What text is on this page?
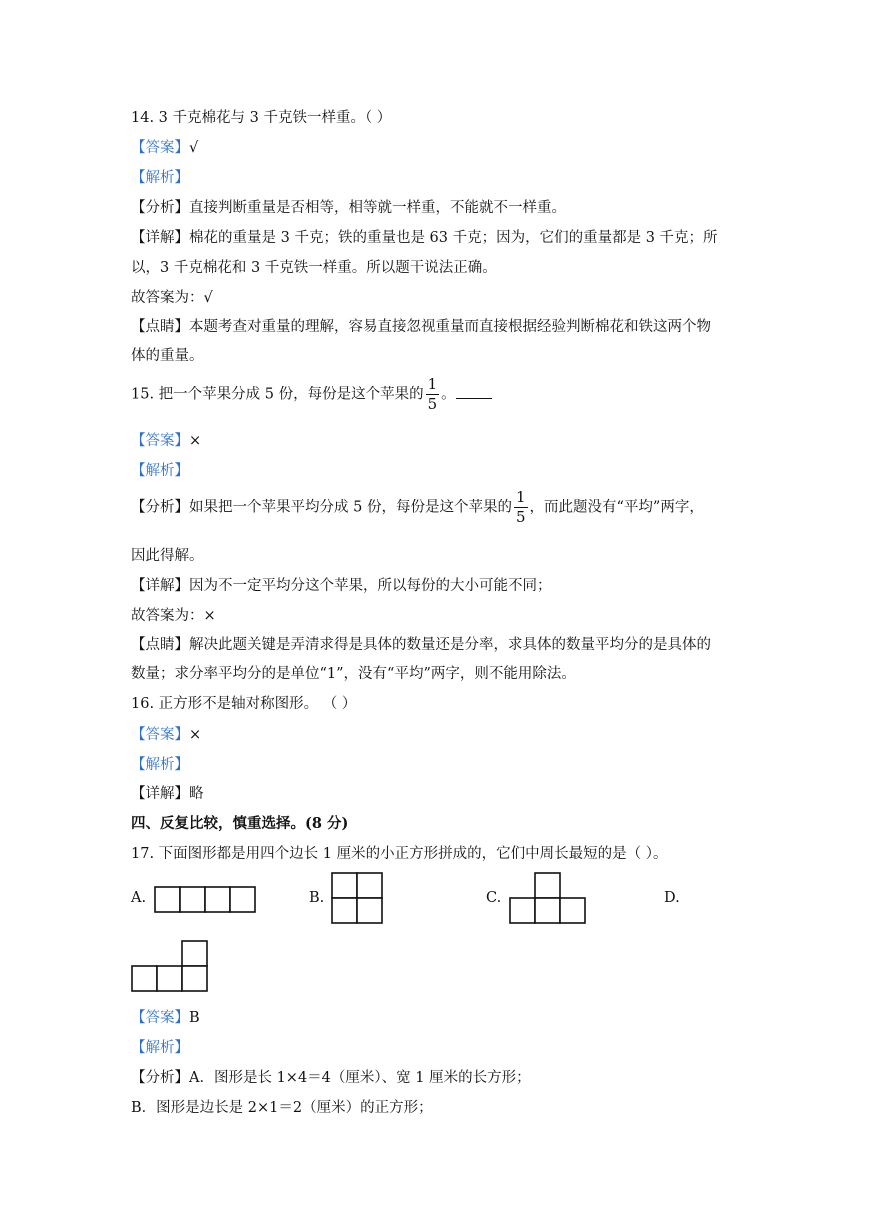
14. 3 千克棉花与 3 千克铁一样重。（ ）
【答案】√
【解析】
【分析】直接判断重量是否相等，相等就一样重，不能就不一样重。
【详解】棉花的重量是 3 千克；铁的重量也是 63 千克；因为，它们的重量都是 3 千克；所
以，3 千克棉花和 3 千克铁一样重。所以题干说法正确。
故答案为：√
【点睛】本题考查对重量的理解，容易直接忽视重量而直接根据经验判断棉花和铁这两个物
体的重量。
15. 把一个苹果分成 5 份，每份是这个苹果的 $\frac{1}{5}$ 。
【答案】×
【解析】
【分析】如果把一个苹果平均分成 5 份，每份是这个苹果的 $\frac{1}{5}$ ，而此题没有“平均”两字，
因此得解。
【详解】因为不一定平均分这个苹果，所以每份的大小可能不同；
故答案为：×
【点睛】解决此题关键是弄清求得是具体的数量还是分率，求具体的数量平均分的是具体的
数量；求分率平均分的是单位“1”，没有“平均”两字，则不能用除法。
16. 正方形不是轴对称图形。 （ ）
【答案】×
【解析】
【详解】略
四、反复比较，慎重选择。(8 分)
17. 下面图形都是用四个边长 1 厘米的小正方形拼成的，它们中周长最短的是（ ）。
A.	B.	C.	D.
【答案】B
【解析】
【分析】A．图形是长 1×4＝4（厘米）、宽 1 厘米的长方形；
B．图形是边长是 2×1＝2（厘米）的正方形；
